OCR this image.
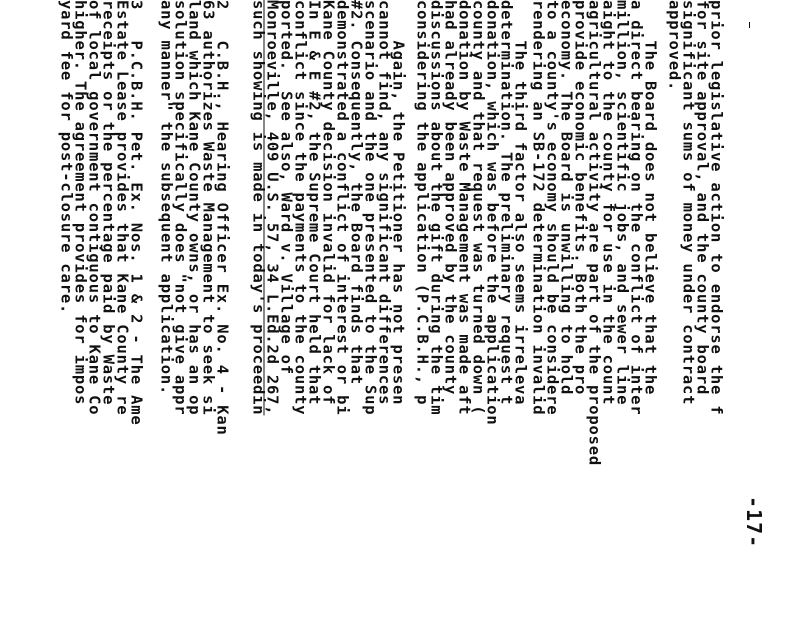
prior legislative action to endorse the f
for site approval, and the county board
significant sums of money under contract
approved.
The Board does not believe that the
a direct bearing on the conflict of inter
million, scientific jobs, and sewer line
aight to the county for use in the count
agricultural activity are part of the proposed
provide economic benefits. Both the pro
economy. The Board is unwilling to hold
to a county's economy should be considere
rendering an SB-172 determination invalid
The third factor also seems irreleva
determination. The preliminary request t
donation, which was before the application
county and that request was turned down (
donation by Waste Management was made aft
had already been approved by the county
discussions about the gift during the tim
considering the application (P.C.B.H., p
Again, the Petitioner has not presen
cannot find, any significant differences
scenario and the one presented to the Sup
#2. Consequently, the Board finds that
demonstrated a conflict of interest or bi
Kane County decision invalid for lack of
In E & E #2, the Supreme Court held that
conflict since the payments to the county
ported.  See also, Ward v. Village of
Monroeville, 409 U.S. 57, 34 L.Ed.2d 267,
such showing is made in today's proceedin
2   C.B.H., Hearing Officer Ex. No. 4 - Kan
63 authorizes Waste Management to seek si
land which Kane County owns, or has an op
solution specifically does "not give appr
any manner" the subsequent application.
3   P.C.B.H. Pet. Ex. Nos. 1 & 2 - The Ame
Estate Lease provides that Kane County re
receipts or the percentage paid by Waste
of local government contiguous to Kane Co
higher. The agreement provides for impos
yard fee for post-closure care.
-17-
